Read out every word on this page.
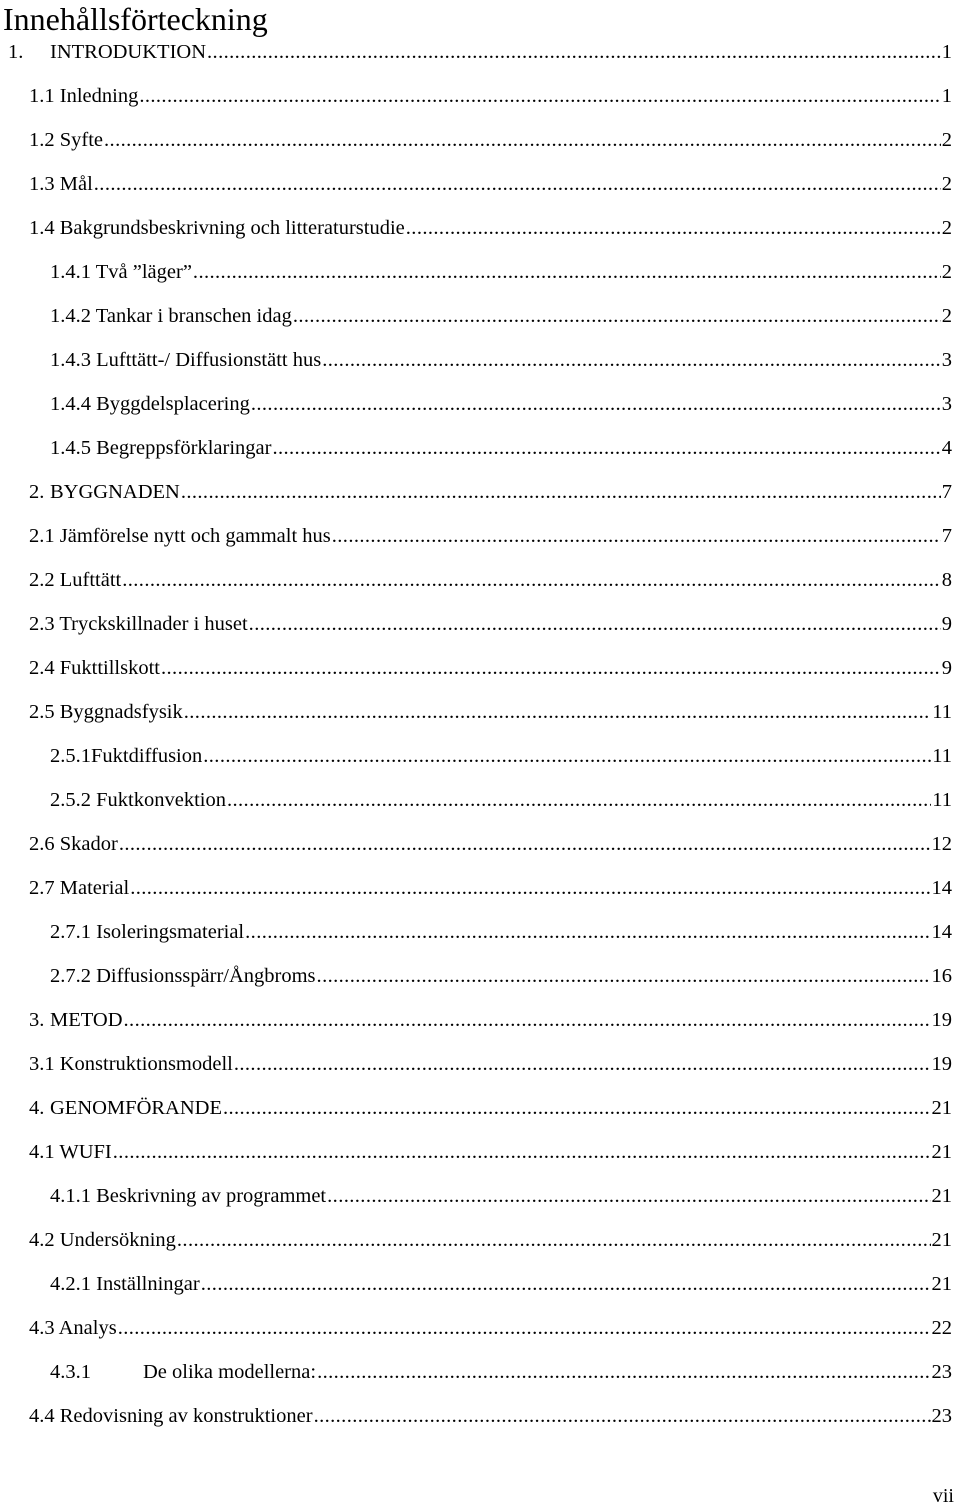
Innehållsförteckning
1.	INTRODUKTION .....	1
1.1 Inledning .....	1
1.2 Syfte .....	2
1.3 Mål .....	2
1.4 Bakgrundsbeskrivning och litteraturstudie .....	2
1.4.1 Två ”läger” .....	2
1.4.2 Tankar i branschen idag .....	2
1.4.3 Lufttätt-/ Diffusionstätt hus .....	3
1.4.4 Byggdelsplacering .....	3
1.4.5 Begreppsförklaringar .....	4
2. BYGGNADEN .....	7
2.1 Jämförelse nytt och gammalt hus .....	7
2.2 Lufttätt .....	8
2.3 Tryckskillnader i huset .....	9
2.4 Fukttillskott .....	9
2.5 Byggnadsfysik .....	11
2.5.1Fuktdiffusion .....	11
2.5.2 Fuktkonvektion .....	11
2.6 Skador .....	12
2.7 Material .....	14
2.7.1 Isoleringsmaterial .....	14
2.7.2 Diffusionsspärr/Ångbroms .....	16
3. METOD .....	19
3.1 Konstruktionsmodell .....	19
4. GENOMFÖRANDE .....	21
4.1 WUFI .....	21
4.1.1 Beskrivning av programmet .....	21
4.2 Undersökning .....	21
4.2.1 Inställningar .....	21
4.3 Analys .....	22
4.3.1	De olika modellerna: .....	23
4.4 Redovisning av konstruktioner .....	23
vii
